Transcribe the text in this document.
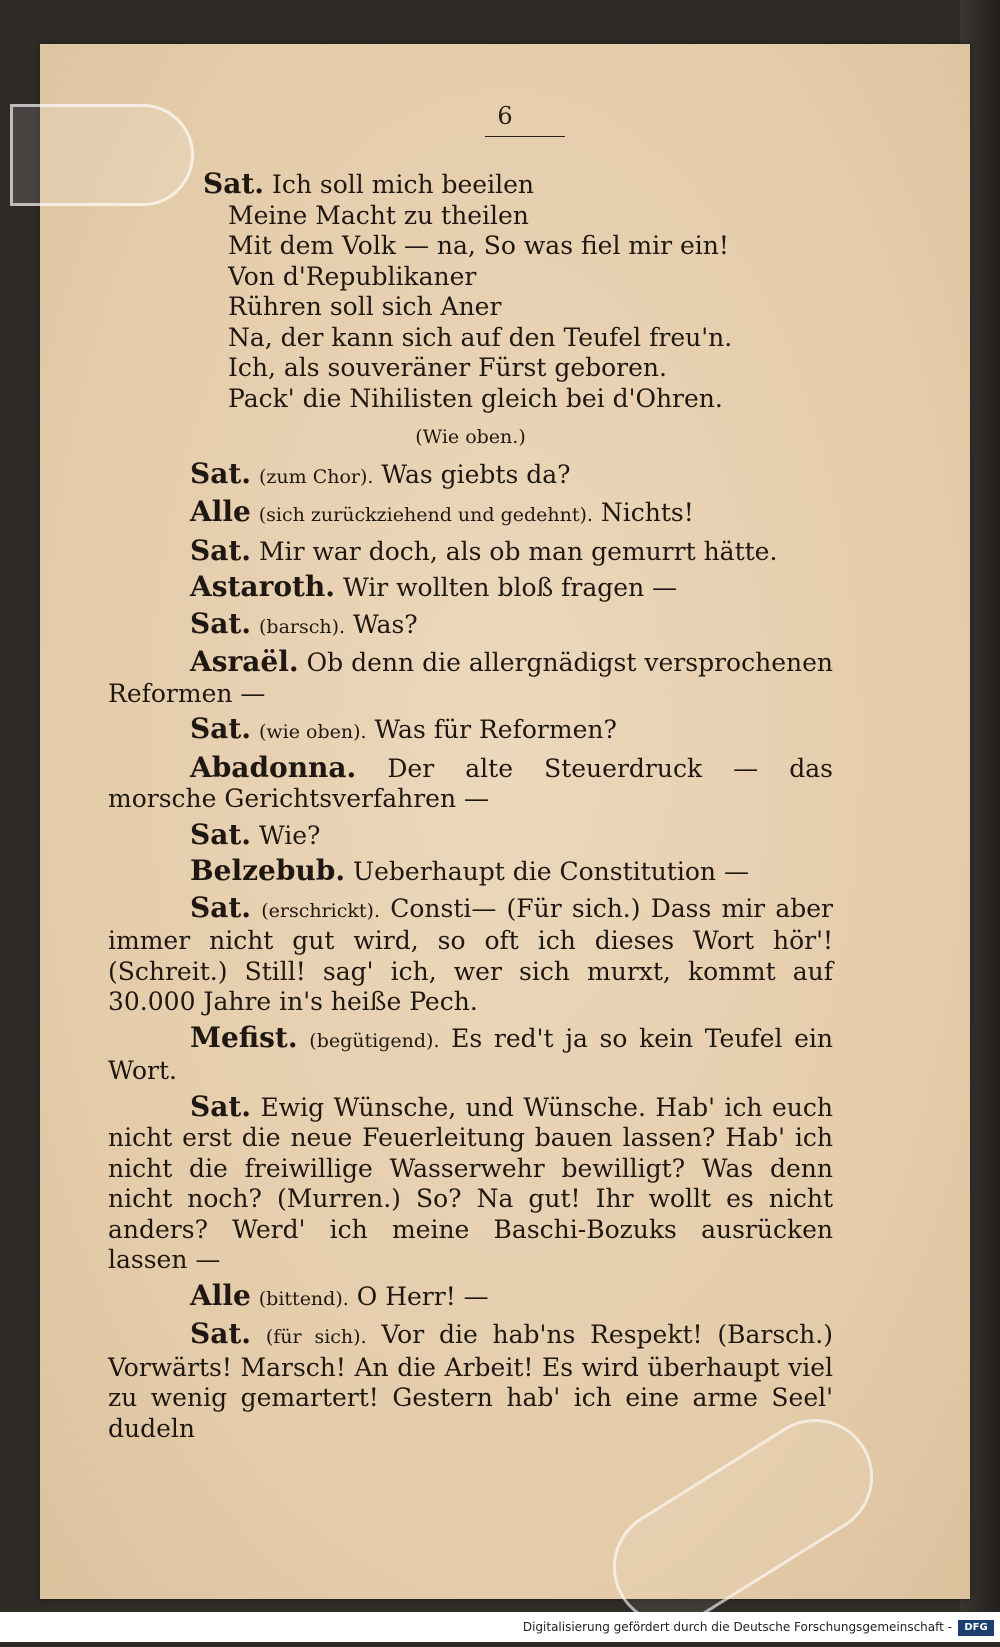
6
Sat. Ich soll mich beeilen
Meine Macht zu theilen
Mit dem Volk — na, So was fiel mir ein!
Von d'Republikaner
Rühren soll sich Aner
Na, der kann sich auf den Teufel freu'n.
Ich, als souveräner Fürst geboren.
Pack' die Nihilisten gleich bei d'Ohren.
(Wie oben.)
Sat. (zum Chor). Was giebts da?
Alle (sich zurückziehend und gedehnt). Nichts!
Sat. Mir war doch, als ob man gemurrt hätte.
Astaroth. Wir wollten bloß fragen —
Sat. (barsch). Was?
Asraël. Ob denn die allergnädigst versprochenen Reformen —
Sat. (wie oben). Was für Reformen?
Abadonna. Der alte Steuerdruck — das morsche Gerichtsverfahren —
Sat. Wie?
Belzebub. Ueberhaupt die Constitution —
Sat. (erschrickt). Consti— (Für sich.) Dass mir aber immer nicht gut wird, so oft ich dieses Wort hör'! (Schreit.) Still! sag' ich, wer sich murxt, kommt auf 30.000 Jahre in's heiße Pech.
Mefist. (begütigend). Es red't ja so kein Teufel ein Wort.
Sat. Ewig Wünsche, und Wünsche. Hab' ich euch nicht erst die neue Feuerleitung bauen lassen? Hab' ich nicht die freiwillige Wasserwehr bewilligt? Was denn nicht noch? (Murren.) So? Na gut! Ihr wollt es nicht anders? Werd' ich meine Baschi-Bozuks ausrücken lassen —
Alle (bittend). O Herr! —
Sat. (für sich). Vor die hab'ns Respekt! (Barsch.) Vorwärts! Marsch! An die Arbeit! Es wird überhaupt viel zu wenig gemartert! Gestern hab' ich eine arme Seel' dudeln
Digitalisierung gefördert durch die Deutsche Forschungsgemeinschaft -	DFG
